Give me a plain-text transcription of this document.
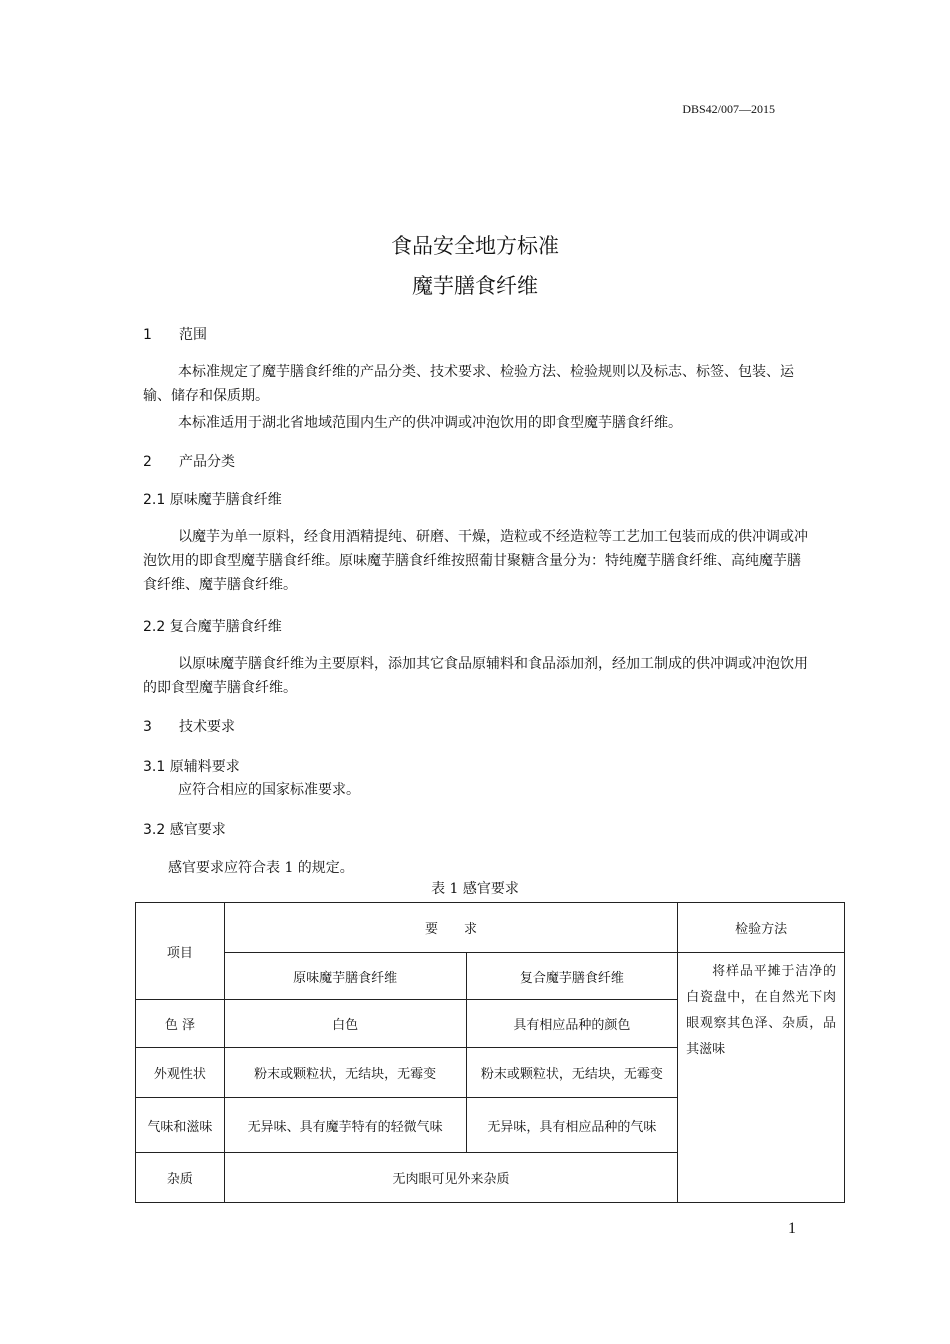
DBS42/007—2015
食品安全地方标准
魔芋膳食纤维
1 范围
本标准规定了魔芋膳食纤维的产品分类、技术要求、检验方法、检验规则以及标志、标签、包装、运输、储存和保质期。
本标准适用于湖北省地域范围内生产的供冲调或冲泡饮用的即食型魔芋膳食纤维。
2 产品分类
2.1 原味魔芋膳食纤维
以魔芋为单一原料，经食用酒精提纯、研磨、干燥，造粒或不经造粒等工艺加工包装而成的供冲调或冲泡饮用的即食型魔芋膳食纤维。原味魔芋膳食纤维按照葡甘聚糖含量分为：特纯魔芋膳食纤维、高纯魔芋膳食纤维、魔芋膳食纤维。
2.2 复合魔芋膳食纤维
以原味魔芋膳食纤维为主要原料，添加其它食品原辅料和食品添加剂，经加工制成的供冲调或冲泡饮用的即食型魔芋膳食纤维。
3 技术要求
3.1 原辅料要求
应符合相应的国家标准要求。
3.2 感官要求
感官要求应符合表 1 的规定。
表 1 感官要求
项目	要　　求		检验方法
	原味魔芋膳食纤维	复合魔芋膳食纤维	将样品平摊于洁净的白瓷盘中，在自然光下肉眼观察其色泽、杂质，品其滋味

色 泽	白色	具有相应品种的颜色	
外观性状	粉末或颗粒状，无结块，无霉变	粉末或颗粒状，无结块，无霉变	
气味和滋味	无异味、具有魔芋特有的轻微气味	无异味，具有相应品种的气味	
杂质	无肉眼可见外来杂质		
1
